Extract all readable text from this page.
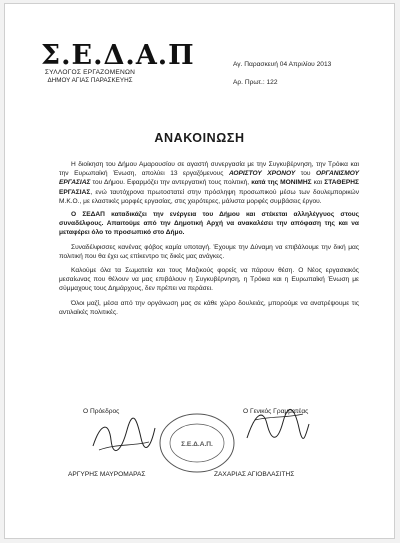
Σ.Ε.Δ.Α.Π
ΣΥΛΛΟΓΟΣ ΕΡΓΑΖΟΜΕΝΩΝ
ΔΗΜΟΥ ΑΓΙΑΣ ΠΑΡΑΣΚΕΥΗΣ
Αγ. Παρασκευή 04 Απριλίου 2013
Αρ. Πρωτ.: 122
ΑΝΑΚΟΙΝΩΣΗ

Η διοίκηση του Δήμου Αμαρουσίου σε αγαστή συνεργασία με την Συγκυβέρνηση, την Τρόικα και την Ευρωπαϊκή Ένωση, απολύει 13 εργαζόμενους ΑΟΡΙΣΤΟΥ ΧΡΟΝΟΥ του ΟΡΓΑΝΙΣΜΟΥ ΕΡΓΑΣΙΑΣ του Δήμου. Εφαρμόζει την αντεργατική τους πολιτική, κατά της ΜΟΝΙΜΗΣ και ΣΤΑΘΕΡΗΣ ΕΡΓΑΣΙΑΣ, ενώ ταυτόχρονα πρωτοστατεί στην πρόσληψη προσωπικού μέσω των δουλεμπορικών Μ.Κ.Ο., με ελαστικές μορφές εργασίας, στις χειρότερες, μάλιστα μορφές συμβάσεις έργου.

Ο ΣΕΔΑΠ καταδικάζει την ενέργεια του Δήμου και στέκεται αλληλέγγυος στους συναδέλφους. Απαιτούμε από την Δημοτική Αρχή να ανακαλέσει την απόφαση της και να μεταφέρει όλο το προσωπικό στο Δήμο.

Συναδέλφισσες κανένας φόβος καμία υποταγή. Έχουμε την Δύναμη να επιβάλουμε την δική μας πολιτική που θα έχει ως επίκεντρο τις δικές μας ανάγκες.

Καλούμε όλα τα Σωματεία και τους Μαζικούς φορείς να πάρουν θέση. Ο Νέος εργασιακός μεσαίωνας που θέλουν να μας επιβάλουν η Συγκυβέρνηση, η Τρόικα και η Ευρωπαϊκή Ένωση με σύμμαχους τους Δημάρχους, δεν πρέπει να περάσει.

Όλοι μαζί, μέσα από την οργάνωση μας σε κάθε χώρο δουλειάς, μπορούμε να ανατρέψουμε τις αντιλαϊκές πολιτικές.

Ο Πρόεδρος	Ο Γενικός Γραμματέας
Σ.Ε.Δ.Α.Π.
ΑΡΓΥΡΗΣ ΜΑΥΡΟΜΑΡΑΣ	ΖΑΧΑΡΙΑΣ ΑΓΙΟΒΛΑΣΙΤΗΣ
